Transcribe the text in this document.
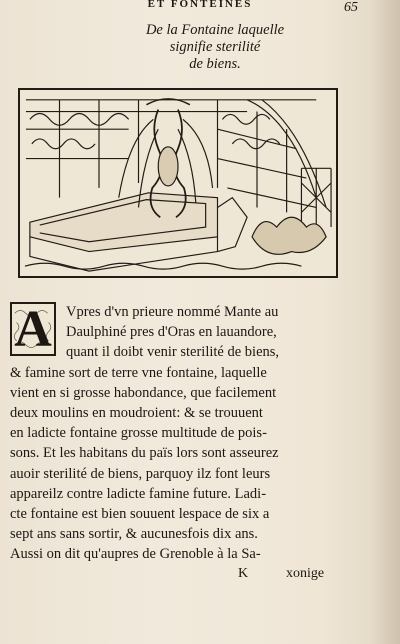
ET FONTEINES	65
De la Fontaine laquelle
signifie sterilité
de biens.
A Vpres d'vn prieure nommé Mante au
Daulphiné pres d'Oras en lauandore,
quant il doibt venir sterilité de biens,
& famine sort de terre vne fontaine, laquelle
vient en si grosse habondance, que facilement
deux moulins en moudroient: & se trouuent
en ladicte fontaine grosse multitude de pois-
sons. Et les habitans du païs lors sont asseurez
auoir sterilité de biens, parquoy ilz font leurs
appareilz contre ladicte famine future. Ladi-
cte fontaine est bien souuent lespace de six a
sept ans sans sortir, & aucunesfois dix ans.
Aussi on dit qu'aupres de Grenoble à la Sa-
K	xonige
